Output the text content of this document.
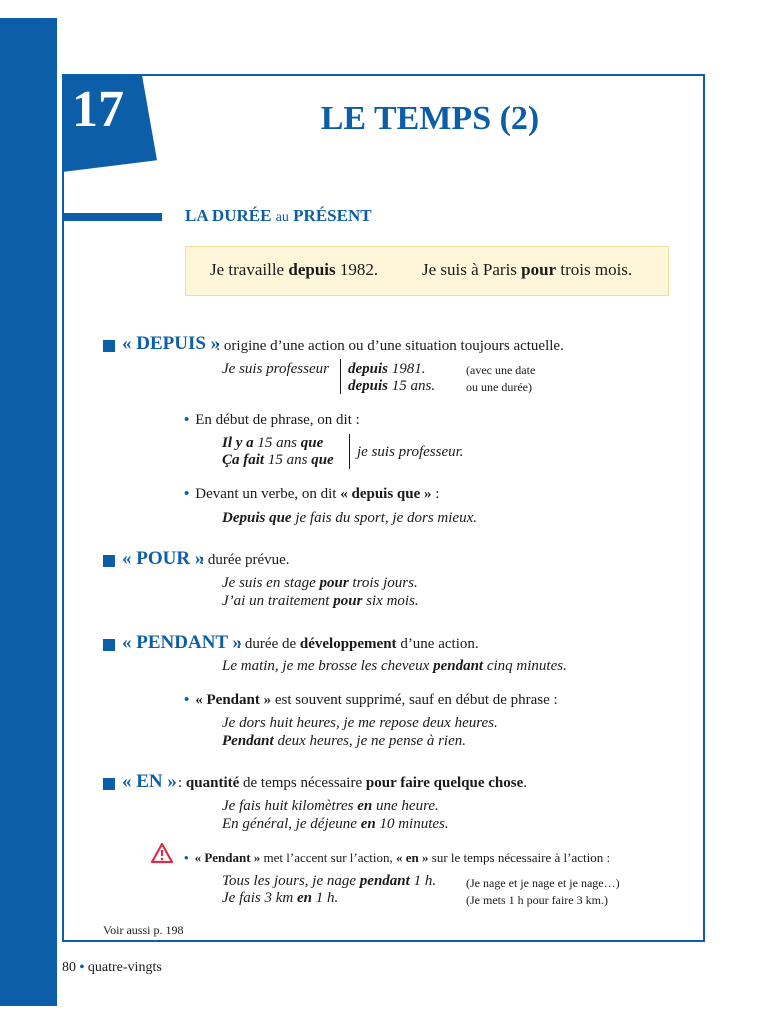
17	LE TEMPS (2)
LA DURÉE au PRÉSENT
Je travaille depuis 1982.	Je suis à Paris pour trois mois.
« DEPUIS »
: origine d’une action ou d’une situation toujours actuelle.
Je suis professeur depuis 1981.
depuis 15 ans.
(avec une date
ou une durée)
• En début de phrase, on dit :
Il y a 15 ans que
Ça fait 15 ans que je suis professeur.
• Devant un verbe, on dit « depuis que » :
Depuis que je fais du sport, je dors mieux.
« POUR »
: durée prévue.
Je suis en stage pour trois jours.
J’ai un traitement pour six mois.
« PENDANT »
: durée de développement d’une action.
Le matin, je me brosse les cheveux pendant cinq minutes.
• « Pendant » est souvent supprimé, sauf en début de phrase :
Je dors huit heures, je me repose deux heures.
Pendant deux heures, je ne pense à rien.
« EN » : quantité de temps nécessaire pour faire quelque chose.
Je fais huit kilomètres en une heure.
En général, je déjeune en 10 minutes.
• « Pendant » met l’accent sur l’action, « en » sur le temps nécessaire à l’action :
Tous les jours, je nage pendant 1 h.
Je fais 3 km en 1 h.
(Je nage et je nage et je nage…)
(Je mets 1 h pour faire 3 km.)
Voir aussi p. 198
80 • quatre-vingts
